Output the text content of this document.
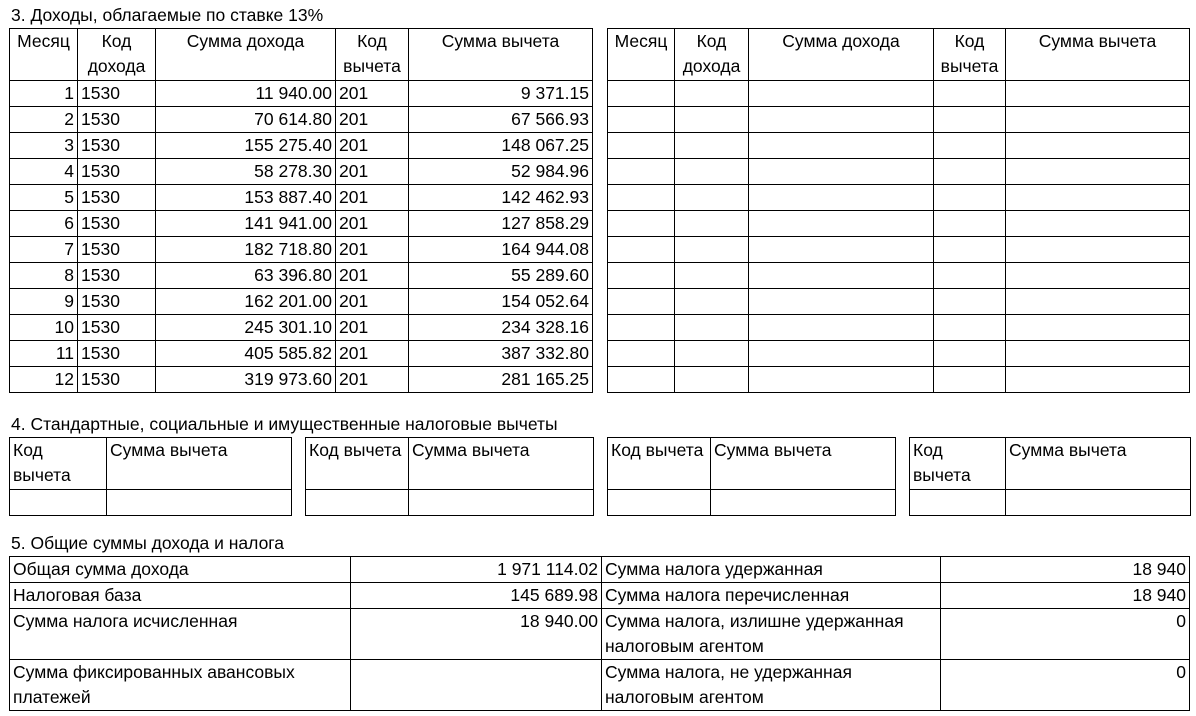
3. Доходы, облагаемые по ставке 13%
Месяц	Код дохода	Сумма дохода	Код вычета	Сумма вычета
1	1530	11 940.00	201	9 371.15
2	1530	70 614.80	201	67 566.93
3	1530	155 275.40	201	148 067.25
4	1530	58 278.30	201	52 984.96
5	1530	153 887.40	201	142 462.93
6	1530	141 941.00	201	127 858.29
7	1530	182 718.80	201	164 944.08
8	1530	63 396.80	201	55 289.60
9	1530	162 201.00	201	154 052.64
10	1530	245 301.10	201	234 328.16
11	1530	405 585.82	201	387 332.80
12	1530	319 973.60	201	281 165.25
Месяц	Код дохода	Сумма дохода	Код вычета	Сумма вычета

4. Стандартные, социальные и имущественные налоговые вычеты
Код вычета	Сумма вычета
		Код вычета	Сумма вычета
		Код вычета	Сумма вычета
		Код вычета	Сумма вычета

5. Общие суммы дохода и налога
Общая сумма дохода	1 971 114.02	Сумма налога удержанная	18 940
Налоговая база	145 689.98	Сумма налога перечисленная	18 940
Сумма налога исчисленная	18 940.00	Сумма налога, излишне удержанная налоговым агентом	0
Сумма фиксированных авансовых платежей		Сумма налога, не удержанная налоговым агентом	0
